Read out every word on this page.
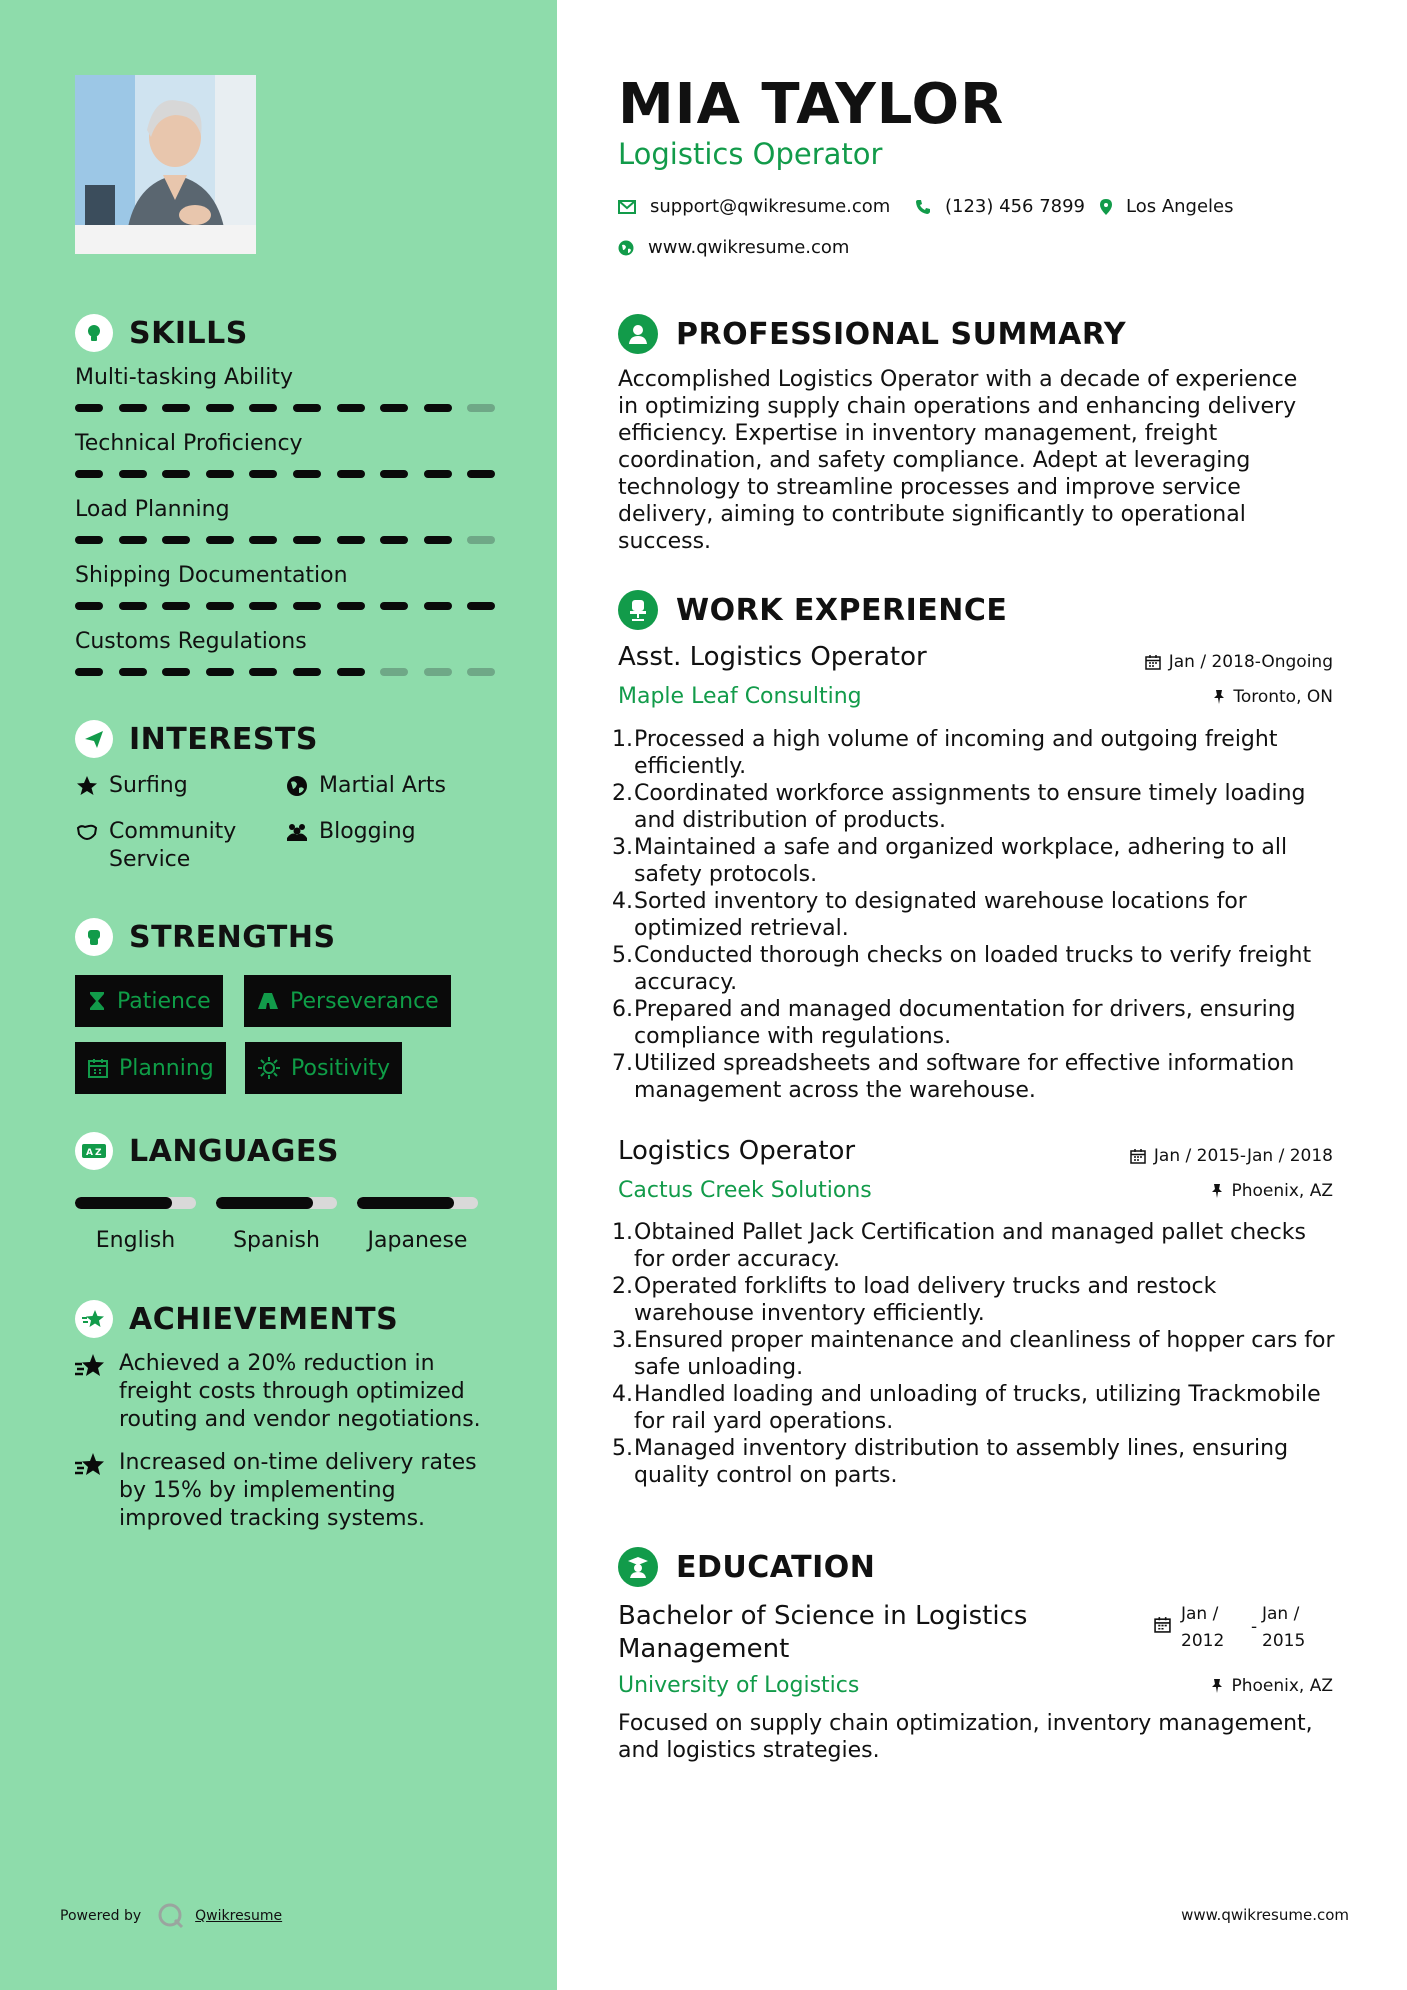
SKILLS
Multi-tasking Ability
Technical Proficiency
Load Planning
Shipping Documentation
Customs Regulations
INTERESTS
Surfing	Martial Arts
Community Service
Blogging
STRENGTHS
Patience	Perseverance
Planning	Positivity
A Z LANGUAGES
English	Spanish	Japanese
ACHIEVEMENTS
Achieved a 20% reduction in freight costs through optimized routing and vendor negotiations.
Increased on-time delivery rates by 15% by implementing improved tracking systems.
Powered by	Qwikresume
MIA TAYLOR
Logistics Operator
support@qwikresume.com	(123) 456 7899 Los Angeles
www.qwikresume.com
PROFESSIONAL SUMMARY
Accomplished Logistics Operator with a decade of experience in optimizing supply chain operations and enhancing delivery efficiency. Expertise in inventory management, freight coordination, and safety compliance. Adept at leveraging technology to streamline processes and improve service delivery, aiming to contribute significantly to operational success.
WORK EXPERIENCE
Asst. Logistics Operator	Jan / 2018-Ongoing
Maple Leaf Consulting	Toronto, ON
1. Processed a high volume of incoming and outgoing freight efficiently.
2. Coordinated workforce assignments to ensure timely loading and distribution of products.
3. Maintained a safe and organized workplace, adhering to all safety protocols.
4. Sorted inventory to designated warehouse locations for optimized retrieval.
5. Conducted thorough checks on loaded trucks to verify freight accuracy.
6. Prepared and managed documentation for drivers, ensuring compliance with regulations.
7. Utilized spreadsheets and software for effective information management across the warehouse.
Logistics Operator	Jan / 2015-Jan / 2018
Cactus Creek Solutions	Phoenix, AZ
1. Obtained Pallet Jack Certification and managed pallet checks for order accuracy.
2. Operated forklifts to load delivery trucks and restock warehouse inventory efficiently.
3. Ensured proper maintenance and cleanliness of hopper cars for safe unloading.
4. Handled loading and unloading of trucks, utilizing Trackmobile for rail yard operations.
5. Managed inventory distribution to assembly lines, ensuring quality control on parts.
EDUCATION
Bachelor of Science in Logistics Management
Jan /
2012
-
Jan /
2015
University of Logistics	Phoenix, AZ
Focused on supply chain optimization, inventory management, and logistics strategies.
www.qwikresume.com
